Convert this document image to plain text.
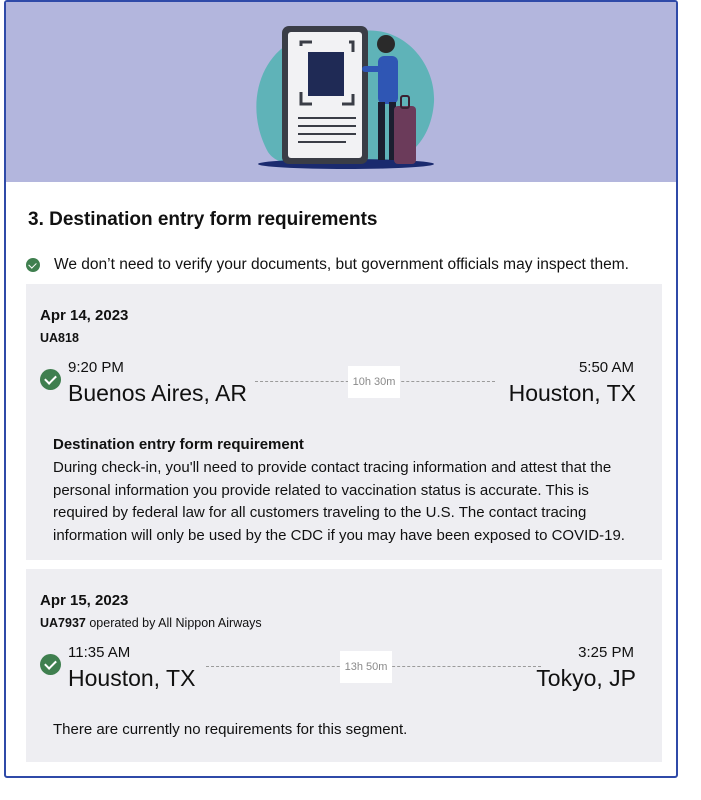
3. Destination entry form requirements
We don’t need to verify your documents, but government officials may inspect them.
Apr 14, 2023
UA818
9:20 PM
Buenos Aires, AR	10h 30m
5:50 AM
Houston, TX
Destination entry form requirement

During check-in, you'll need to provide contact tracing information and attest that the personal information you provide related to vaccination status is accurate. This is required by federal law for all customers traveling to the U.S. The contact tracing information will only be used by the CDC if you may have been exposed to COVID-19.

Apr 15, 2023
UA7937 operated by All Nippon Airways
11:35 AM
Houston, TX	13h 50m
3:25 PM
Tokyo, JP
There are currently no requirements for this segment.
